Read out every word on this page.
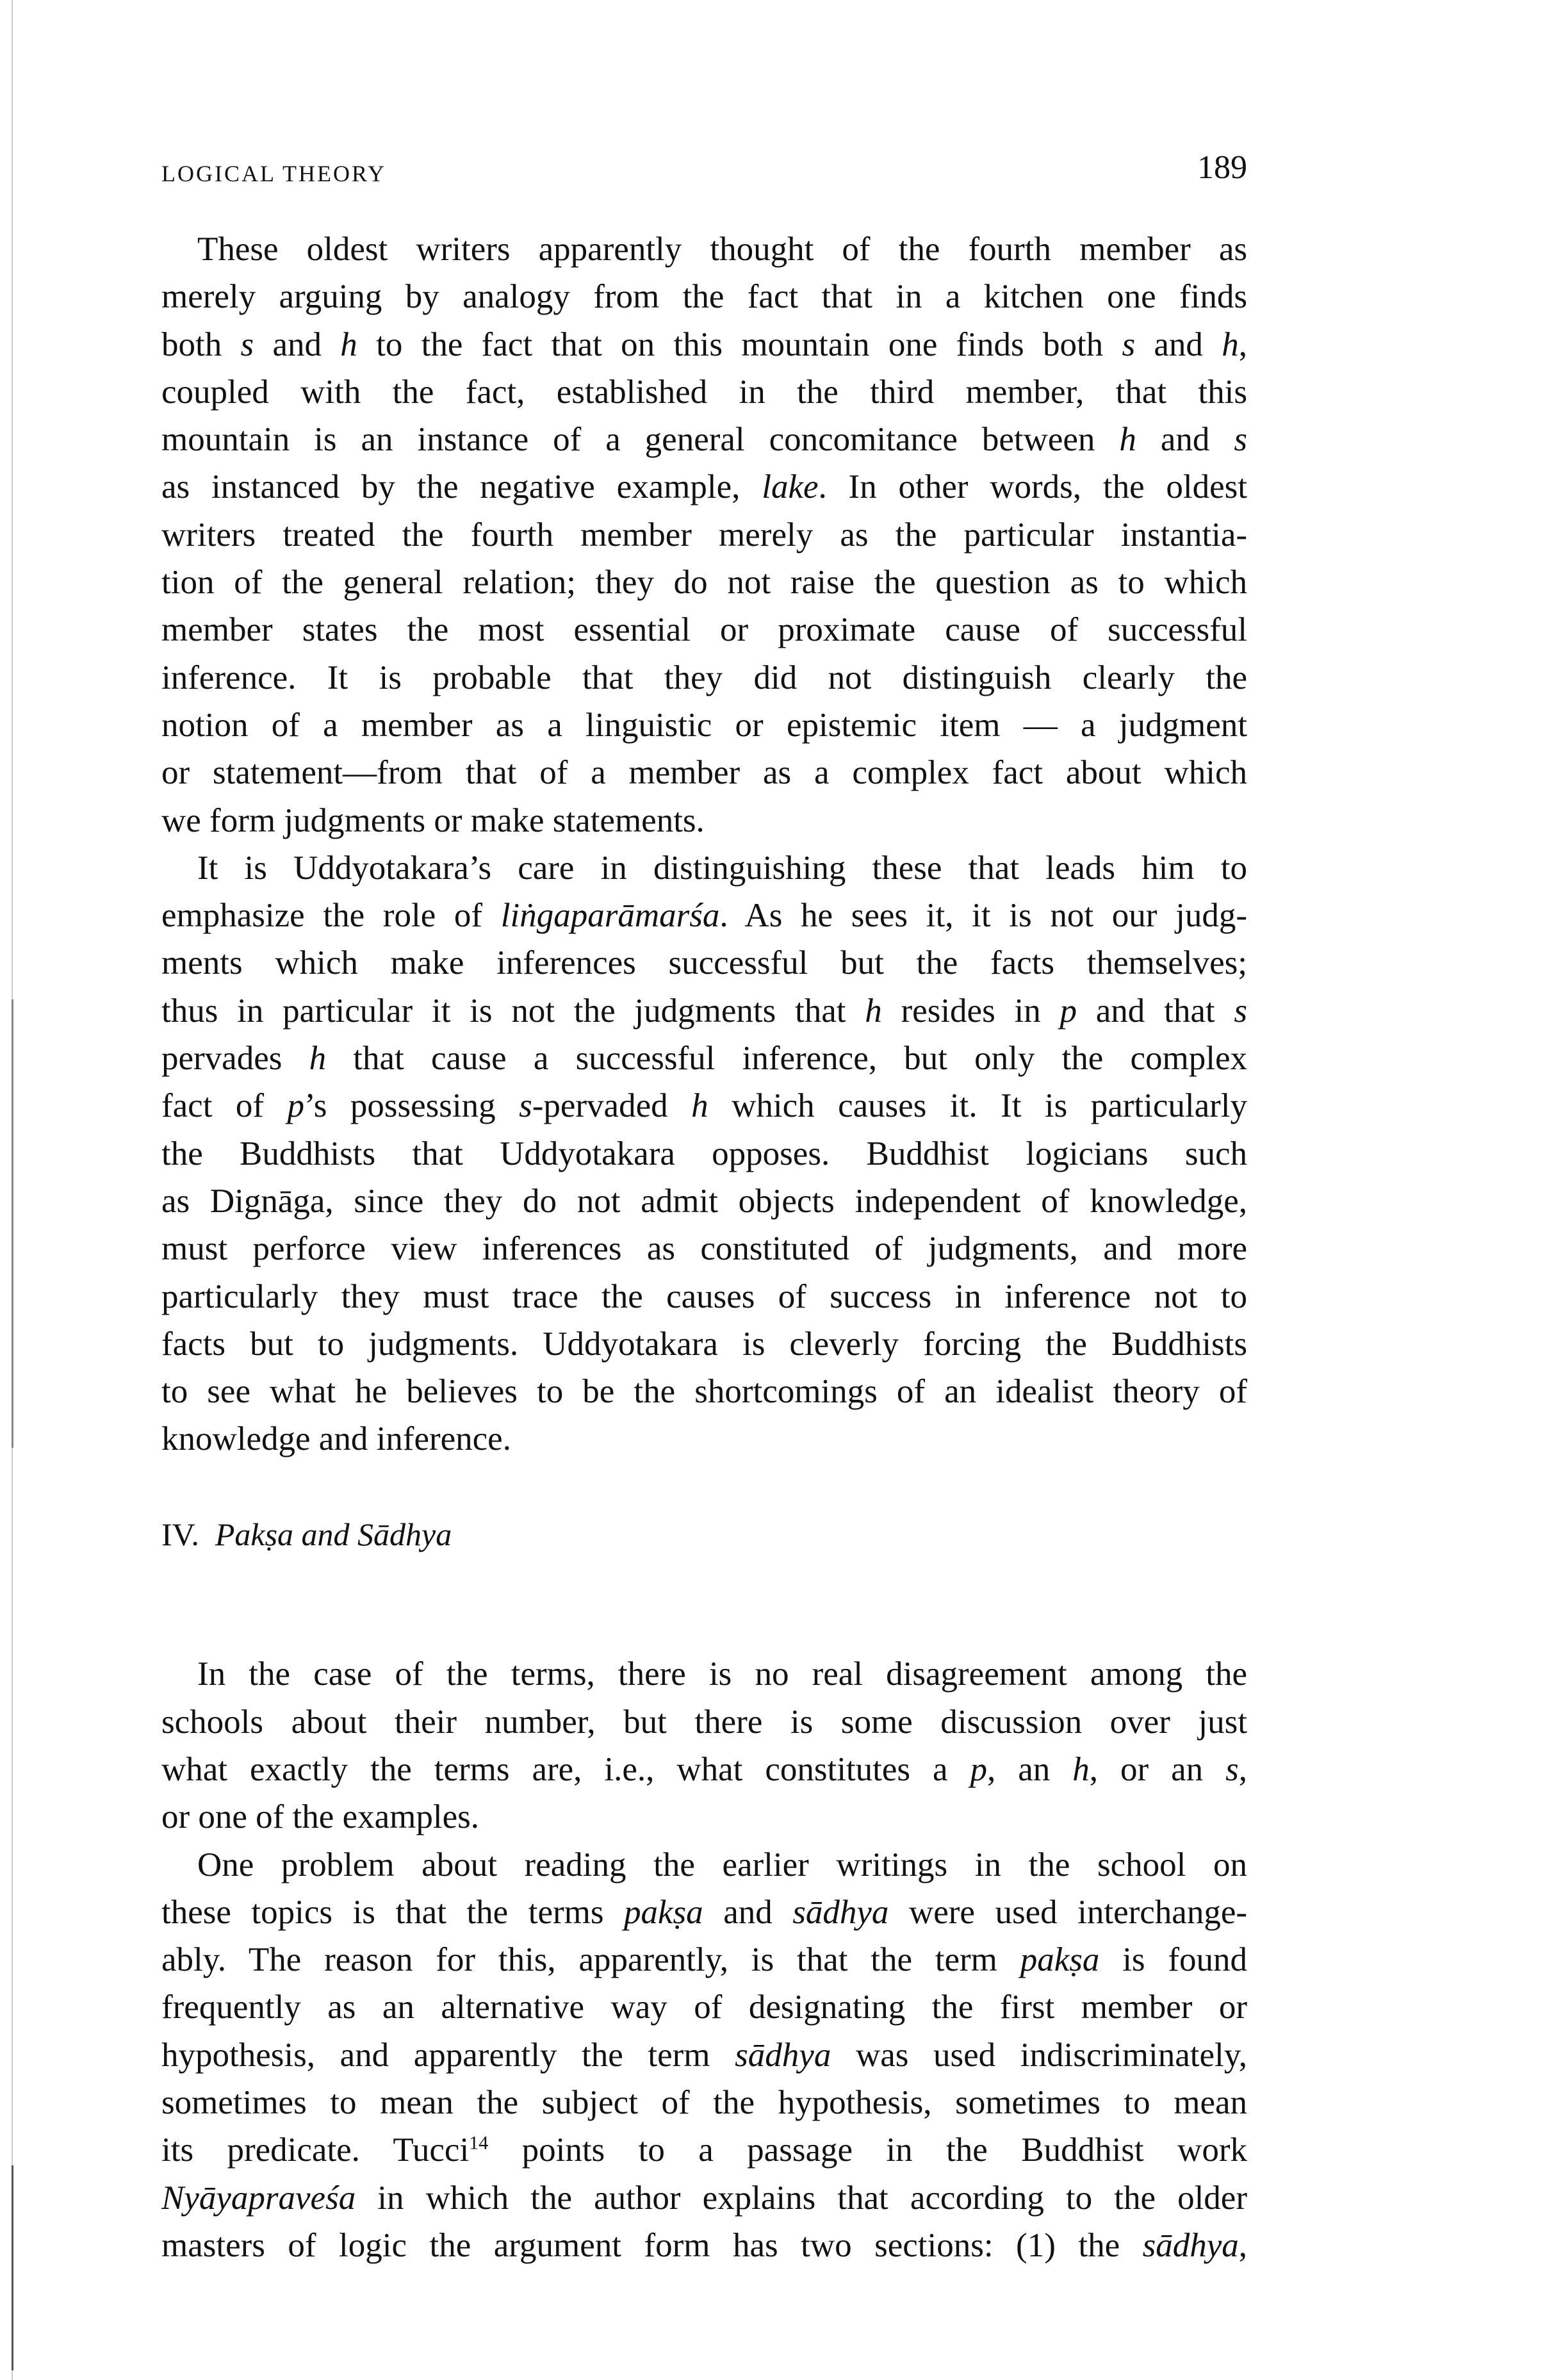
LOGICAL THEORY	189
These oldest writers apparently thought of the fourth member as
merely arguing by analogy from the fact that in a kitchen one finds
both s and h to the fact that on this mountain one finds both s and h,
coupled with the fact, established in the third member, that this
mountain is an instance of a general concomitance between h and s
as instanced by the negative example, lake. In other words, the oldest
writers treated the fourth member merely as the particular instantia-
tion of the general relation; they do not raise the question as to which
member states the most essential or proximate cause of successful
inference. It is probable that they did not distinguish clearly the
notion of a member as a linguistic or epistemic item — a judgment
or statement—from that of a member as a complex fact about which
we form judgments or make statements.
It is Uddyotakara’s care in distinguishing these that leads him to
emphasize the role of liṅgaparāmarśa. As he sees it, it is not our judg-
ments which make inferences successful but the facts themselves;
thus in particular it is not the judgments that h resides in p and that s
pervades h that cause a successful inference, but only the complex
fact of p’s possessing s-pervaded h which causes it. It is particularly
the Buddhists that Uddyotakara opposes. Buddhist logicians such
as Dignāga, since they do not admit objects independent of knowledge,
must perforce view inferences as constituted of judgments, and more
particularly they must trace the causes of success in inference not to
facts but to judgments. Uddyotakara is cleverly forcing the Buddhists
to see what he believes to be the shortcomings of an idealist theory of
knowledge and inference.
IV. Pakṣa and Sādhya
In the case of the terms, there is no real disagreement among the
schools about their number, but there is some discussion over just
what exactly the terms are, i.e., what constitutes a p, an h, or an s,
or one of the examples.
One problem about reading the earlier writings in the school on
these topics is that the terms pakṣa and sādhya were used interchange-
ably. The reason for this, apparently, is that the term pakṣa is found
frequently as an alternative way of designating the first member or
hypothesis, and apparently the term sādhya was used indiscriminately,
sometimes to mean the subject of the hypothesis, sometimes to mean
its predicate. Tucci$^{14}$ points to a passage in the Buddhist work
Nyāyapraveśa in which the author explains that according to the older
masters of logic the argument form has two sections: (1) the sādhya,
